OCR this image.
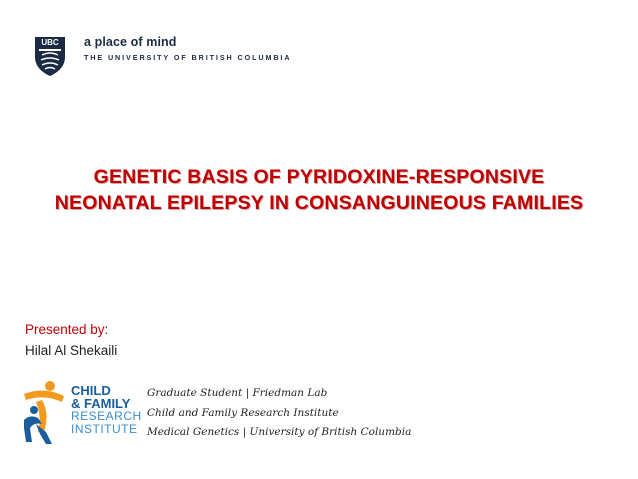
UBC a place of mind
THE UNIVERSITY OF BRITISH COLUMBIA
GENETIC BASIS OF PYRIDOXINE-RESPONSIVE
NEONATAL EPILEPSY IN CONSANGUINEOUS FAMILIES
Presented by:
Hilal Al Shekaili
CHILD
& FAMILY
RESEARCH
INSTITUTE
Graduate Student | Friedman Lab
Child and Family Research Institute
Medical Genetics | University of British Columbia
